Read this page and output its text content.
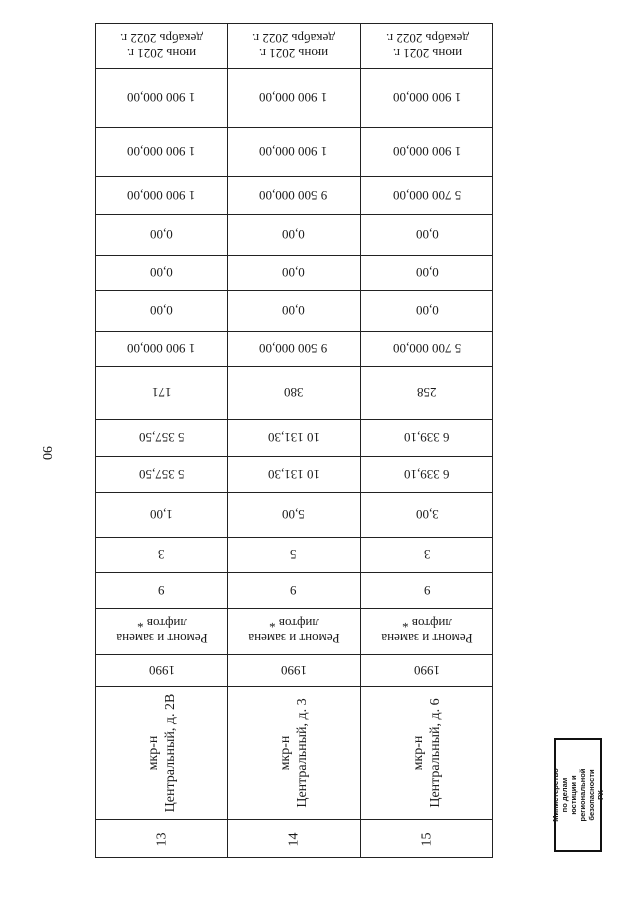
90
июнь 2021 г.
декабрь 2022 г.
1 900 000,00
1 900 000,00
1 900 000,00
0,00
0,00
0,00
1 900 000,00
171
5 357,50
5 357,50
1,00
3
9
Ремонт и замена лифтов *
1990
мкр-н Центральный, д. 2В
13
июнь 2021 г.
декабрь 2022 г.
1 900 000,00
1 900 000,00
9 500 000,00
0,00
0,00
0,00
9 500 000,00
380
10 131,30
10 131,30
5,00
5
9
Ремонт и замена лифтов *
1990
мкр-н Центральный, д. 3
14
июнь 2021 г.
декабрь 2022 г.
1 900 000,00
1 900 000,00
5 700 000,00
0,00
0,00
0,00
5 700 000,00
258
6 339,10
6 339,10
3,00
3
9
Ремонт и замена лифтов *
1990
мкр-н Центральный, д. 6
15
Министерство по делам
юстиции и региональной
безопасности РХ
